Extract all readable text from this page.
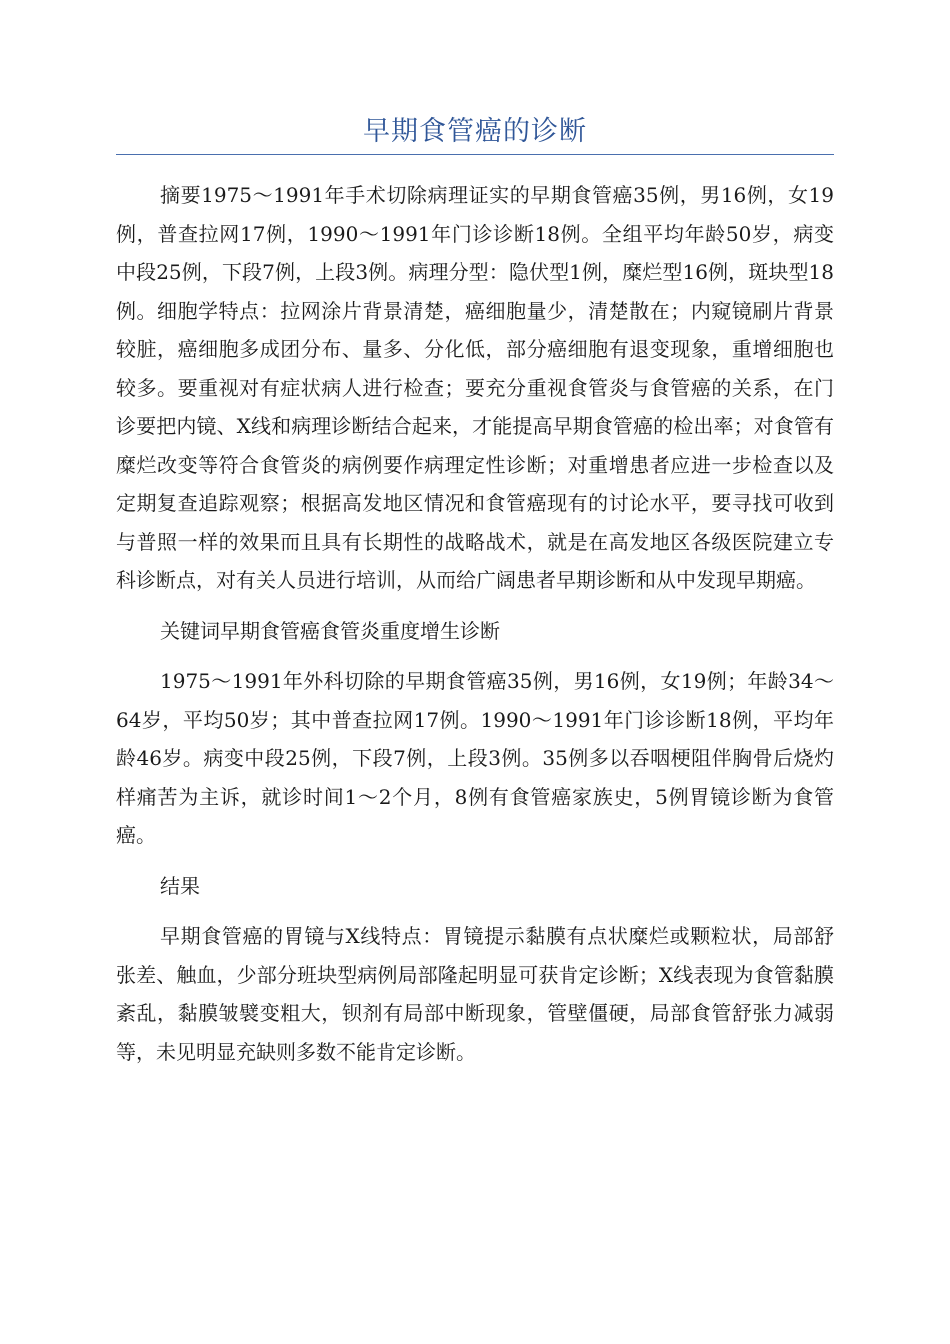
早期食管癌的诊断

摘要1975～1991年手术切除病理证实的早期食管癌35例，男16例，女19例，普查拉网17例，1990～1991年门诊诊断18例。全组平均年龄50岁，病变中段25例，下段7例，上段3例。病理分型：隐伏型1例，糜烂型16例，斑块型18例。细胞学特点：拉网涂片背景清楚，癌细胞量少，清楚散在；内窥镜刷片背景较脏，癌细胞多成团分布、量多、分化低，部分癌细胞有退变现象，重增细胞也较多。要重视对有症状病人进行检查；要充分重视食管炎与食管癌的关系，在门诊要把内镜、X线和病理诊断结合起来，才能提高早期食管癌的检出率；对食管有糜烂改变等符合食管炎的病例要作病理定性诊断；对重增患者应进一步检查以及定期复查追踪观察；根据高发地区情况和食管癌现有的讨论水平，要寻找可收到与普照一样的效果而且具有长期性的战略战术，就是在高发地区各级医院建立专科诊断点，对有关人员进行培训，从而给广阔患者早期诊断和从中发现早期癌。

关键词早期食管癌食管炎重度增生诊断

1975～1991年外科切除的早期食管癌35例，男16例，女19例；年龄34～64岁，平均50岁；其中普查拉网17例。1990～1991年门诊诊断18例，平均年龄46岁。病变中段25例，下段7例，上段3例。35例多以吞咽梗阻伴胸骨后烧灼样痛苦为主诉，就诊时间1～2个月，8例有食管癌家族史，5例胃镜诊断为食管癌。

结果

早期食管癌的胃镜与X线特点：胃镜提示黏膜有点状糜烂或颗粒状，局部舒张差、触血，少部分班块型病例局部隆起明显可获肯定诊断；X线表现为食管黏膜紊乱，黏膜皱襞变粗大，钡剂有局部中断现象，管壁僵硬，局部食管舒张力减弱等，未见明显充缺则多数不能肯定诊断。
